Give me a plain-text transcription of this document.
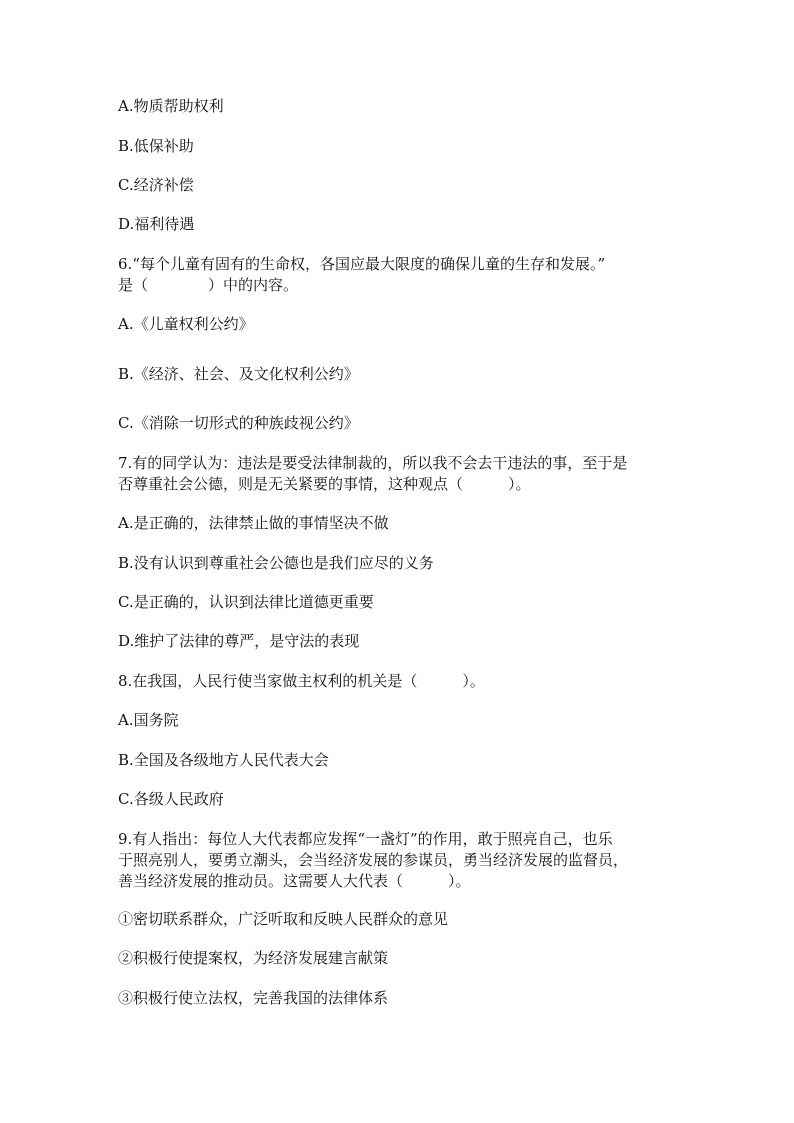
A.物质帮助权利

B.低保补助

C.经济补偿

D.福利待遇

6.“每个儿童有固有的生命权，各国应最大限度的确保儿童的生存和发展。”
是（　　　　）中的内容。

A.《儿童权利公约》

B.《经济、社会、及文化权利公约》

C.《消除一切形式的种族歧视公约》

7.有的同学认为：违法是要受法律制裁的，所以我不会去干违法的事，至于是
否尊重社会公德，则是无关紧要的事情，这种观点（　　　）。

A.是正确的，法律禁止做的事情坚决不做

B.没有认识到尊重社会公德也是我们应尽的义务

C.是正确的，认识到法律比道德更重要

D.维护了法律的尊严，是守法的表现

8.在我国，人民行使当家做主权利的机关是（　　　）。

A.国务院

B.全国及各级地方人民代表大会

C.各级人民政府

9.有人指出：每位人大代表都应发挥“一盏灯”的作用，敢于照亮自己，也乐
于照亮别人，要勇立潮头，会当经济发展的参谋员，勇当经济发展的监督员，
善当经济发展的推动员。这需要人大代表（　　　）。

①密切联系群众，广泛听取和反映人民群众的意见

②积极行使提案权，为经济发展建言献策

③积极行使立法权，完善我国的法律体系
